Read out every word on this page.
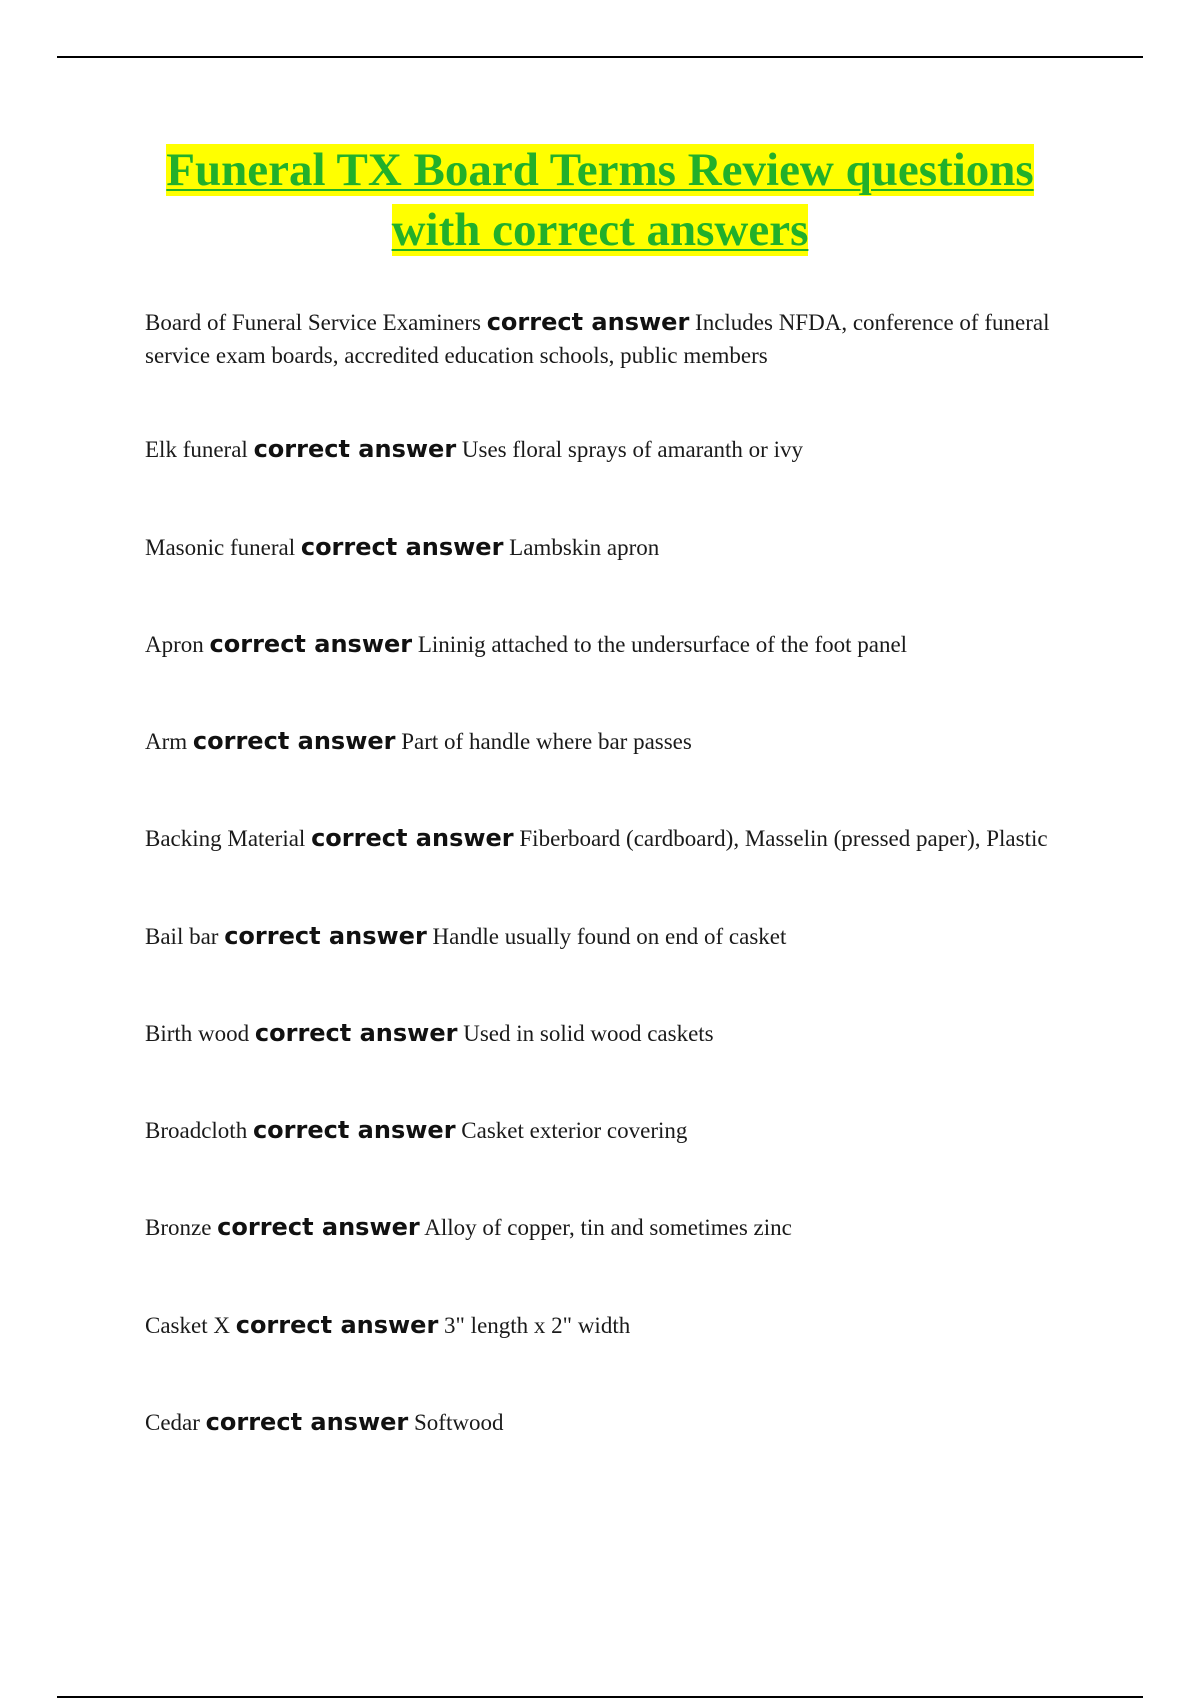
Funeral TX Board Terms Review questions
with correct answers

Board of Funeral Service Examiners correct answer Includes NFDA, conference of funeral service exam boards, accredited education schools, public members

Elk funeral correct answer Uses floral sprays of amaranth or ivy

Masonic funeral correct answer Lambskin apron

Apron correct answer Lininig attached to the undersurface of the foot panel

Arm correct answer Part of handle where bar passes

Backing Material correct answer Fiberboard (cardboard), Masselin (pressed paper), Plastic

Bail bar correct answer Handle usually found on end of casket

Birth wood correct answer Used in solid wood caskets

Broadcloth correct answer Casket exterior covering

Bronze correct answer Alloy of copper, tin and sometimes zinc

Casket X correct answer 3" length x 2" width

Cedar correct answer Softwood
